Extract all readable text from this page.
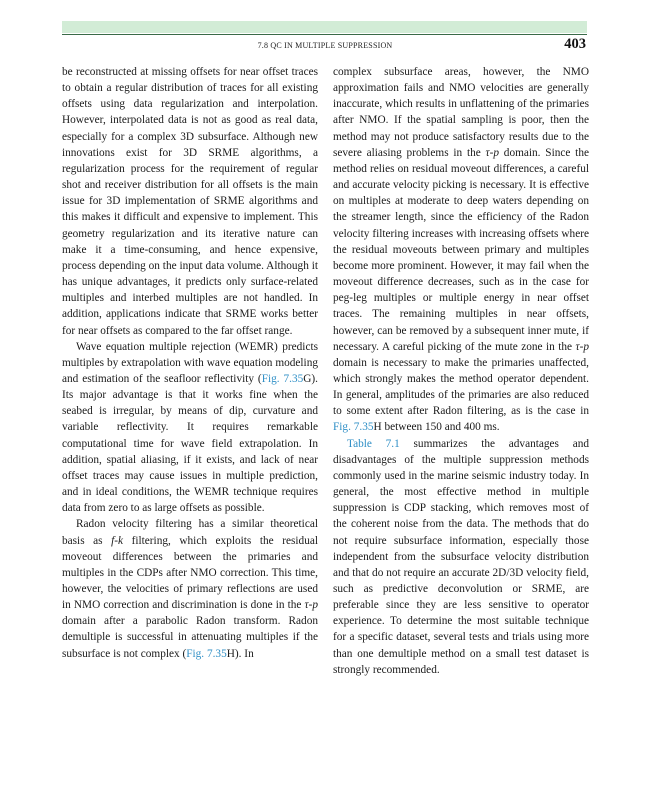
7.8 QC IN MULTIPLE SUPPRESSION	403

be reconstructed at missing offsets for near offset traces to obtain a regular distribution of traces for all existing offsets using data regularization and interpolation. However, interpolated data is not as good as real data, especially for a complex 3D subsurface. Although new innovations exist for 3D SRME algorithms, a regularization process for the requirement of regular shot and receiver distribution for all offsets is the main issue for 3D implementation of SRME algorithms and this makes it difficult and expensive to implement. This geometry regularization and its iterative nature can make it a time-consuming, and hence expensive, process depending on the input data volume. Although it has unique advantages, it predicts only surface-related multiples and interbed multiples are not handled. In addition, applications indicate that SRME works better for near offsets as compared to the far offset range.

Wave equation multiple rejection (WEMR) predicts multiples by extrapolation with wave equation modeling and estimation of the seafloor reflectivity (Fig. 7.35G). Its major advantage is that it works fine when the seabed is irregular, by means of dip, curvature and variable reflectivity. It requires remarkable computational time for wave field extrapolation. In addition, spatial aliasing, if it exists, and lack of near offset traces may cause issues in multiple prediction, and in ideal conditions, the WEMR technique requires data from zero to as large offsets as possible.

Radon velocity filtering has a similar theoretical basis as f-k filtering, which exploits the residual moveout differences between the primaries and multiples in the CDPs after NMO correction. This time, however, the velocities of primary reflections are used in NMO correction and discrimination is done in the τ-p domain after a parabolic Radon transform. Radon demultiple is successful in attenuating multiples if the subsurface is not complex (Fig. 7.35H). In

complex subsurface areas, however, the NMO approximation fails and NMO velocities are generally inaccurate, which results in unflattening of the primaries after NMO. If the spatial sampling is poor, then the method may not produce satisfactory results due to the severe aliasing problems in the τ-p domain. Since the method relies on residual moveout differences, a careful and accurate velocity picking is necessary. It is effective on multiples at moderate to deep waters depending on the streamer length, since the efficiency of the Radon velocity filtering increases with increasing offsets where the residual moveouts between primary and multiples become more prominent. However, it may fail when the moveout difference decreases, such as in the case for peg-leg multiples or multiple energy in near offset traces. The remaining multiples in near offsets, however, can be removed by a subsequent inner mute, if necessary. A careful picking of the mute zone in the τ-p domain is necessary to make the primaries unaffected, which strongly makes the method operator dependent. In general, amplitudes of the primaries are also reduced to some extent after Radon filtering, as is the case in Fig. 7.35H between 150 and 400 ms.

Table 7.1 summarizes the advantages and disadvantages of the multiple suppression methods commonly used in the marine seismic industry today. In general, the most effective method in multiple suppression is CDP stacking, which removes most of the coherent noise from the data. The methods that do not require subsurface information, especially those independent from the subsurface velocity distribution and that do not require an accurate 2D/3D velocity field, such as predictive deconvolution or SRME, are preferable since they are less sensitive to operator experience. To determine the most suitable technique for a specific dataset, several tests and trials using more than one demultiple method on a small test dataset is strongly recommended.
